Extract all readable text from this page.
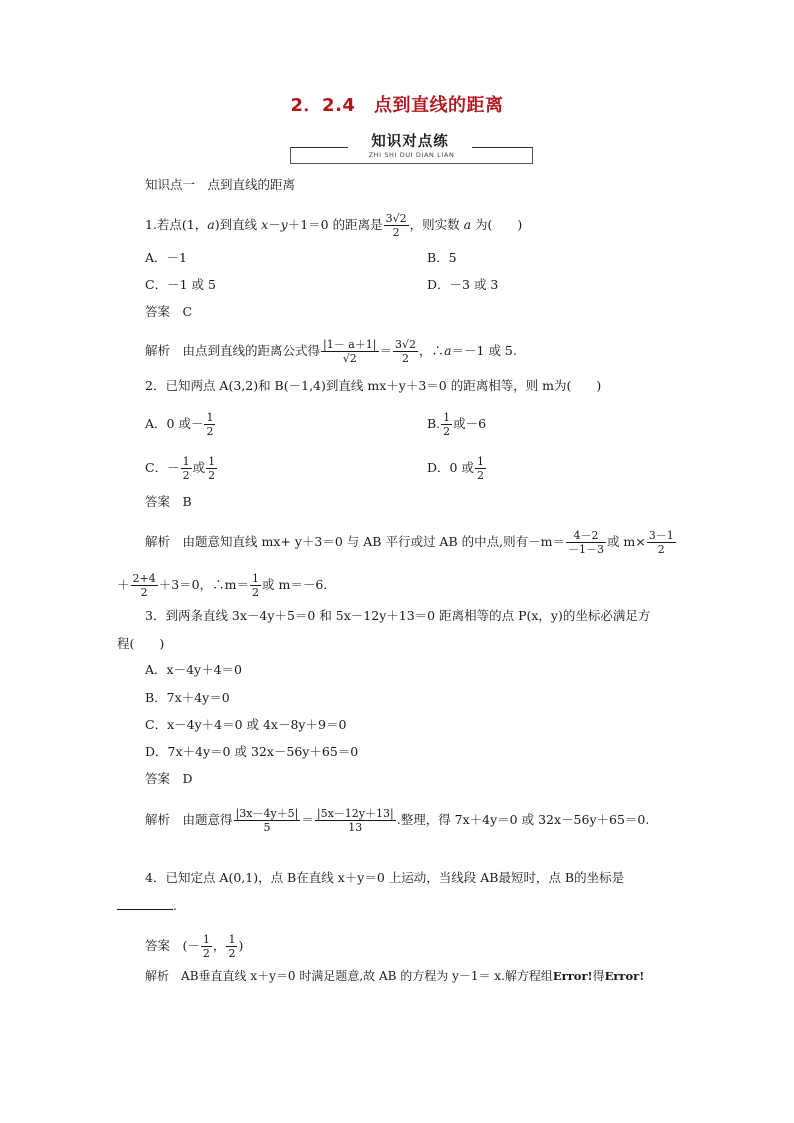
2．2.4　点到直线的距离
知识对点练
ZHI SHI DUI DIAN LIAN
知识点一　点到直线的距离
1.若点(1，a)到直线 x－y＋1＝0 的距离是 $\frac{3√2}{2}$ ，则实数 a 为(　　)
A．－1	B．5
C．－1 或 5	D．－3 或 3
答案　 C
解析　 由点到直线的距离公式得 $\frac{|1- a+1|}{√2} = \frac{3√2}{2}$ ，∴a＝－1 或 5.
2．已知两点 A(3,2)和 B(－1,4)到直线 mx＋y＋3＝0 的距离相等，则 m为(　　)
A．0 或－ $\frac{1}{2}$	B. $\frac{1}{2}$ 或－6
C．－ $\frac{1}{2}$ 或 $\frac{1}{2}$	D．0 或 $\frac{1}{2}$
答案　 B
解析　 由题意知直线 mx+ y＋3＝0 与 AB 平行或过 AB 的中点,则有$-m= \frac{4-2}{-1-3}$ 或 $m\times \frac{3-1}{2}$
＋ $\frac{2+4}{2} +3=0$，∴m＝ $\frac{1}{2}$ 或 m＝－6.
3．到两条直线 3x－4y＋5＝0 和 5x－12y＋13＝0 距离相等的点 P(x，y)的坐标必满足方
程(　　)
A．x－4y＋4＝0
B．7x＋4y＝0
C．x－4y＋4＝0 或 4x－8y＋9＝0
D．7x＋4y＝0 或 32x－56y＋65＝0
答案　 D
解析　 由题意得 $\frac{|3x-4y+5|}{5} = \frac{|5x-12y+13|}{13}$ .整理，得 7x＋4y＝0 或 32x－56y＋65＝0.
4．已知定点 A(0,1)，点 B在直线 x＋y＝0 上运动，当线段 AB最短时，点 B的坐标是
.
答案　 (－ $\frac{1}{2}$ ， $\frac{1}{2}$ )
解析　 AB垂直直线 x＋y＝0 时满足题意,故 AB 的方程为 y－1＝ x.解方程组Error!得Error!
